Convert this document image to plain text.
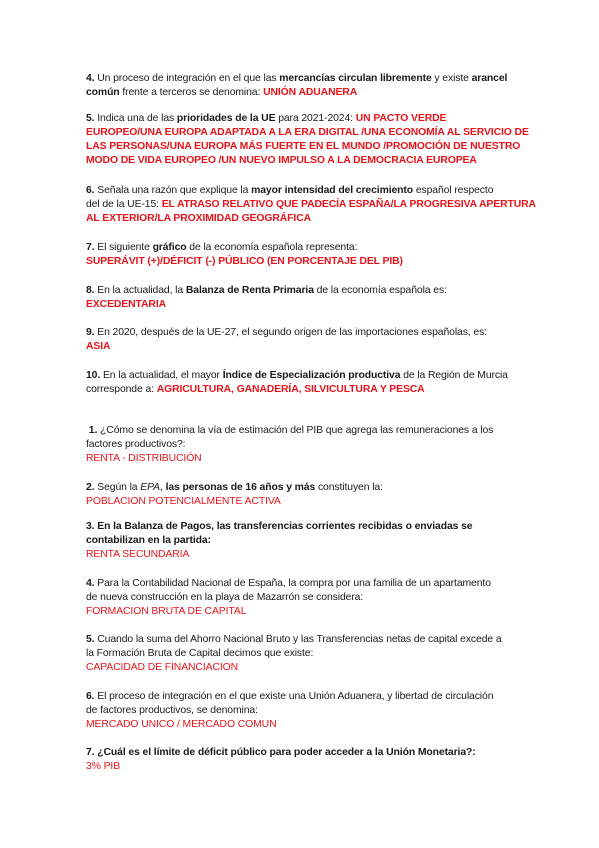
4. Un proceso de integración en el que las mercancías circulan libremente y existe arancel
común frente a terceros se denomina: UNIÓN ADUANERA
5. Indica una de las prioridades de la UE para 2021-2024: UN PACTO VERDE
EUROPEO/UNA EUROPA ADAPTADA A LA ERA DIGITAL /UNA ECONOMÍA AL SERVICIO DE
LAS PERSONAS/UNA EUROPA MÁS FUERTE EN EL MUNDO /PROMOCIÓN DE NUESTRO
MODO DE VIDA EUROPEO /UN NUEVO IMPULSO A LA DEMOCRACIA EUROPEA
6. Señala una razón que explique la mayor intensidad del crecimiento español respecto
del de la UE-15: EL ATRASO RELATIVO QUE PADECÍA ESPAÑA/LA PROGRESIVA APERTURA
AL EXTERIOR/LA PROXIMIDAD GEOGRÁFICA
7. El siguiente gráfico de la economía española representa:
SUPERÁVIT (+)/DÉFICIT (-) PÚBLICO (EN PORCENTAJE DEL PIB)
8. En la actualidad, la Balanza de Renta Primaria de la economía española es:
EXCEDENTARIA
9. En 2020, después de la UE-27, el segundo origen de las importaciones españolas, es:
ASIA
10. En la actualidad, el mayor Índice de Especialización productiva de la Región de Murcia
corresponde a: AGRICULTURA, GANADERÍA, SILVICULTURA Y PESCA
1. ¿Cómo se denomina la vía de estimación del PIB que agrega las remuneraciones a los
factores productivos?:
RENTA - DISTRIBUCIÓN
2. Según la EPA, las personas de 16 años y más constituyen la:
POBLACION POTENCIALMENTE ACTIVA
3. En la Balanza de Pagos, las transferencias corrientes recibidas o enviadas se
contabilizan en la partida:
RENTA SECUNDARIA
4. Para la Contabilidad Nacional de España, la compra por una familia de un apartamento
de nueva construcción en la playa de Mazarrón se considera:
FORMACION BRUTA DE CAPITAL
5. Cuando la suma del Ahorro Nacional Bruto y las Transferencias netas de capital excede a
la Formación Bruta de Capital decimos que existe:
CAPACIDAD DE FINANCIACION
6. El proceso de integración en el que existe una Unión Aduanera, y libertad de circulación
de factores productivos, se denomina:
MERCADO UNICO / MERCADO COMUN
7. ¿Cuál es el límite de déficit público para poder acceder a la Unión Monetaria?:
3% PIB
